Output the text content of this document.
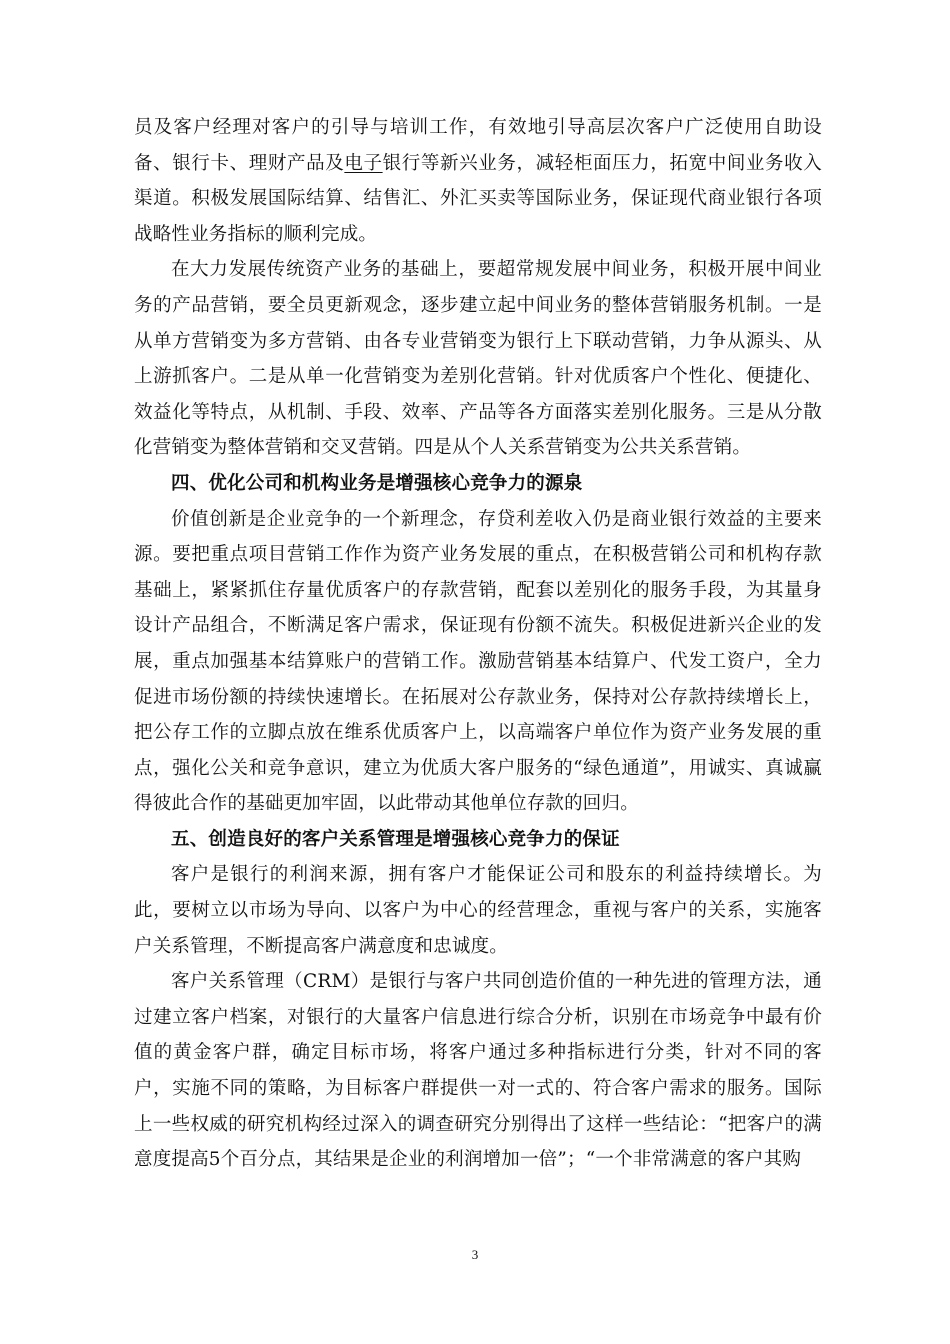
员及客户经理对客户的引导与培训工作，有效地引导高层次客户广泛使用自助设备、银行卡、理财产品及电子银行等新兴业务，减轻柜面压力，拓宽中间业务收入渠道。积极发展国际结算、结售汇、外汇买卖等国际业务，保证现代商业银行各项战略性业务指标的顺利完成。

在大力发展传统资产业务的基础上，要超常规发展中间业务，积极开展中间业务的产品营销，要全员更新观念，逐步建立起中间业务的整体营销服务机制。一是从单方营销变为多方营销、由各专业营销变为银行上下联动营销，力争从源头、从上游抓客户。二是从单一化营销变为差别化营销。针对优质客户个性化、便捷化、效益化等特点，从机制、手段、效率、产品等各方面落实差别化服务。三是从分散化营销变为整体营销和交叉营销。四是从个人关系营销变为公共关系营销。

四、优化公司和机构业务是增强核心竞争力的源泉

价值创新是企业竞争的一个新理念，存贷利差收入仍是商业银行效益的主要来源。要把重点项目营销工作作为资产业务发展的重点，在积极营销公司和机构存款基础上，紧紧抓住存量优质客户的存款营销，配套以差别化的服务手段，为其量身设计产品组合，不断满足客户需求，保证现有份额不流失。积极促进新兴企业的发展，重点加强基本结算账户的营销工作。激励营销基本结算户、代发工资户，全力促进市场份额的持续快速增长。在拓展对公存款业务，保持对公存款持续增长上，把公存工作的立脚点放在维系优质客户上，以高端客户单位作为资产业务发展的重点，强化公关和竞争意识，建立为优质大客户服务的“绿色通道”，用诚实、真诚赢得彼此合作的基础更加牢固，以此带动其他单位存款的回归。

五、创造良好的客户关系管理是增强核心竞争力的保证

客户是银行的利润来源，拥有客户才能保证公司和股东的利益持续增长。为此，要树立以市场为导向、以客户为中心的经营理念，重视与客户的关系，实施客户关系管理，不断提高客户满意度和忠诚度。

客户关系管理（CRM）是银行与客户共同创造价值的一种先进的管理方法，通过建立客户档案，对银行的大量客户信息进行综合分析，识别在市场竞争中最有价值的黄金客户群，确定目标市场，将客户通过多种指标进行分类，针对不同的客户，实施不同的策略，为目标客户群提供一对一式的、符合客户需求的服务。国际上一些权威的研究机构经过深入的调查研究分别得出了这样一些结论：“把客户的满意度提高5个百分点，其结果是企业的利润增加一倍”；“一个非常满意的客户其购

3
